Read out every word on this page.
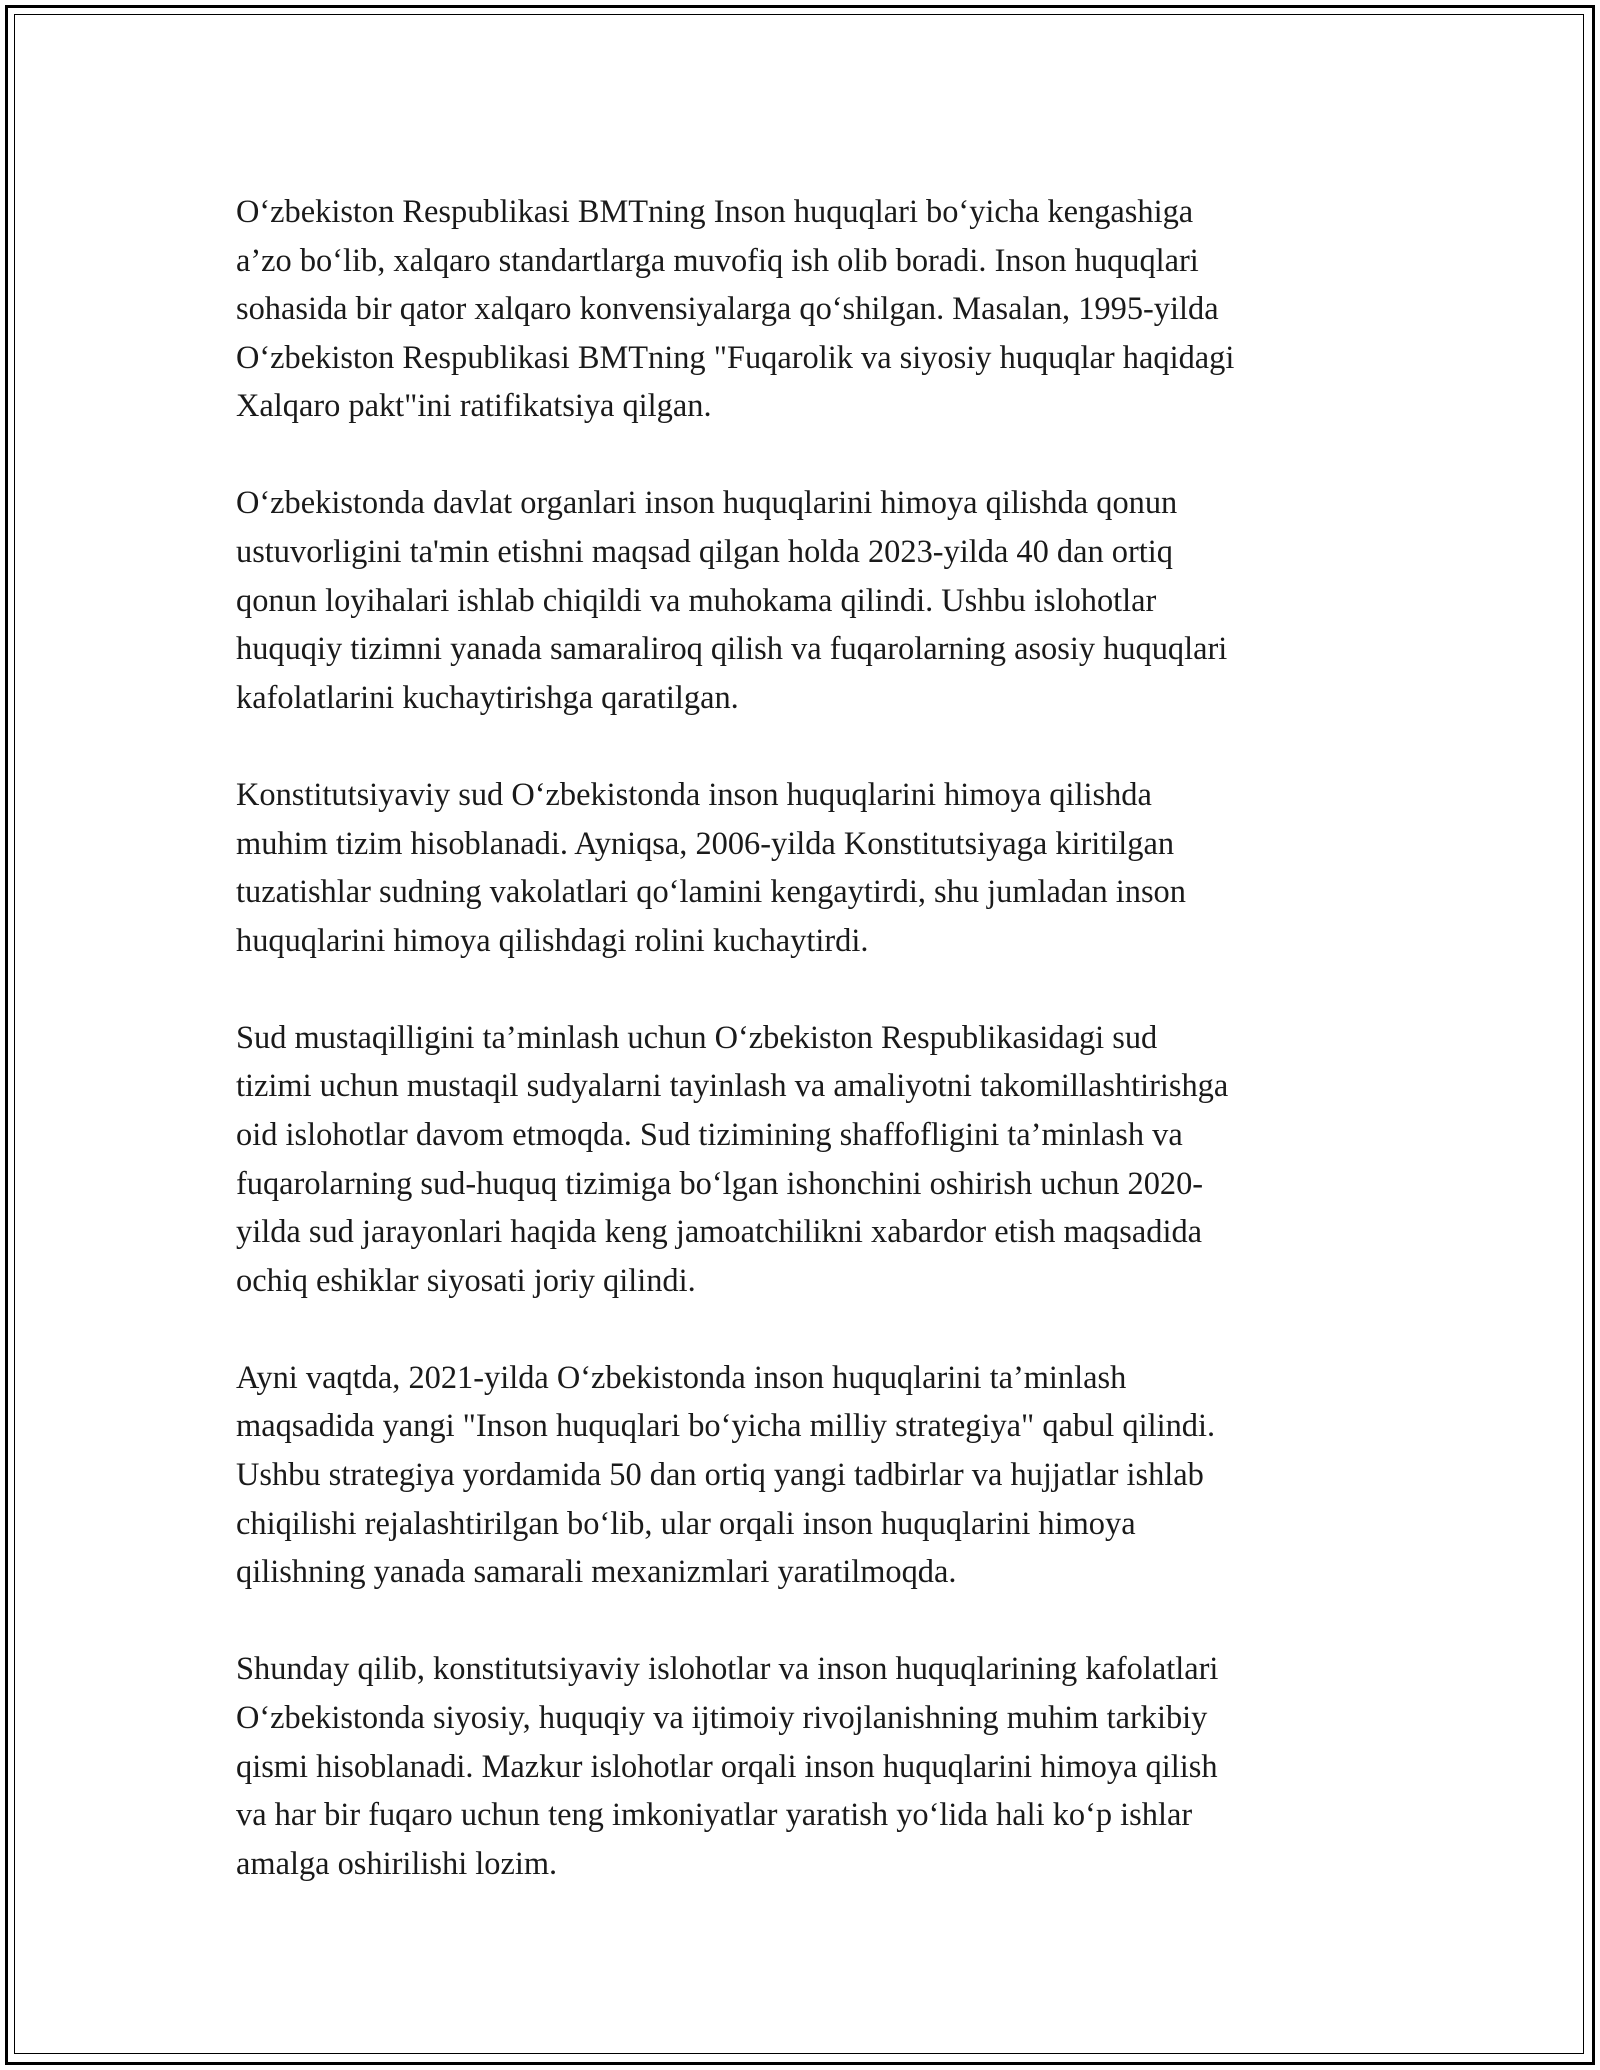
O‘zbekiston Respublikasi BMTning Inson huquqlari bo‘yicha kengashiga
a’zo bo‘lib, xalqaro standartlarga muvofiq ish olib boradi. Inson huquqlari
sohasida bir qator xalqaro konvensiyalarga qo‘shilgan. Masalan, 1995-yilda
O‘zbekiston Respublikasi BMTning "Fuqarolik va siyosiy huquqlar haqidagi
Xalqaro pakt"ini ratifikatsiya qilgan.

O‘zbekistonda davlat organlari inson huquqlarini himoya qilishda qonun
ustuvorligini ta'min etishni maqsad qilgan holda 2023-yilda 40 dan ortiq
qonun loyihalari ishlab chiqildi va muhokama qilindi. Ushbu islohotlar
huquqiy tizimni yanada samaraliroq qilish va fuqarolarning asosiy huquqlari
kafolatlarini kuchaytirishga qaratilgan.

Konstitutsiyaviy sud O‘zbekistonda inson huquqlarini himoya qilishda
muhim tizim hisoblanadi. Ayniqsa, 2006-yilda Konstitutsiyaga kiritilgan
tuzatishlar sudning vakolatlari qo‘lamini kengaytirdi, shu jumladan inson
huquqlarini himoya qilishdagi rolini kuchaytirdi.

Sud mustaqilligini ta’minlash uchun O‘zbekiston Respublikasidagi sud
tizimi uchun mustaqil sudyalarni tayinlash va amaliyotni takomillashtirishga
oid islohotlar davom etmoqda. Sud tizimining shaffofligini ta’minlash va
fuqarolarning sud-huquq tizimiga bo‘lgan ishonchini oshirish uchun 2020-
yilda sud jarayonlari haqida keng jamoatchilikni xabardor etish maqsadida
ochiq eshiklar siyosati joriy qilindi.

Ayni vaqtda, 2021-yilda O‘zbekistonda inson huquqlarini ta’minlash
maqsadida yangi "Inson huquqlari bo‘yicha milliy strategiya" qabul qilindi.
Ushbu strategiya yordamida 50 dan ortiq yangi tadbirlar va hujjatlar ishlab
chiqilishi rejalashtirilgan bo‘lib, ular orqali inson huquqlarini himoya
qilishning yanada samarali mexanizmlari yaratilmoqda.

Shunday qilib, konstitutsiyaviy islohotlar va inson huquqlarining kafolatlari
O‘zbekistonda siyosiy, huquqiy va ijtimoiy rivojlanishning muhim tarkibiy
qismi hisoblanadi. Mazkur islohotlar orqali inson huquqlarini himoya qilish
va har bir fuqaro uchun teng imkoniyatlar yaratish yo‘lida hali ko‘p ishlar
amalga oshirilishi lozim.
